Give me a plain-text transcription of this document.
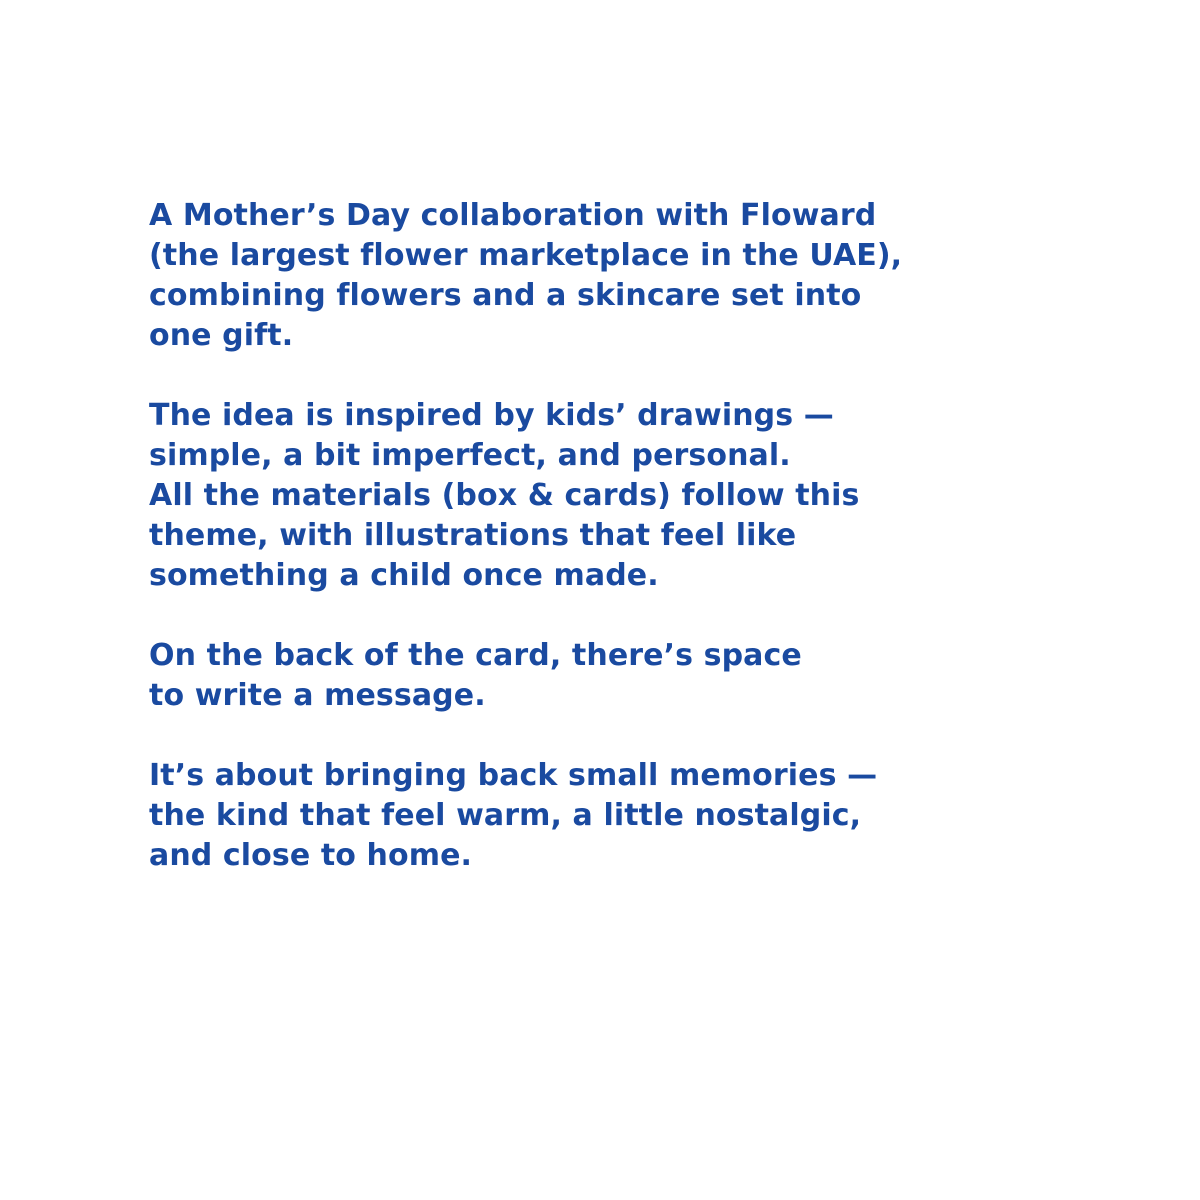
A Mother’s Day collaboration with Floward
(the largest flower marketplace in the UAE),
combining flowers and a skincare set into
one gift.

The idea is inspired by kids’ drawings —
simple, a bit imperfect, and personal.
All the materials (box & cards) follow this
theme, with illustrations that feel like
something a child once made.

On the back of the card, there’s space
to write a message.

It’s about bringing back small memories —
the kind that feel warm, a little nostalgic,
and close to home.
